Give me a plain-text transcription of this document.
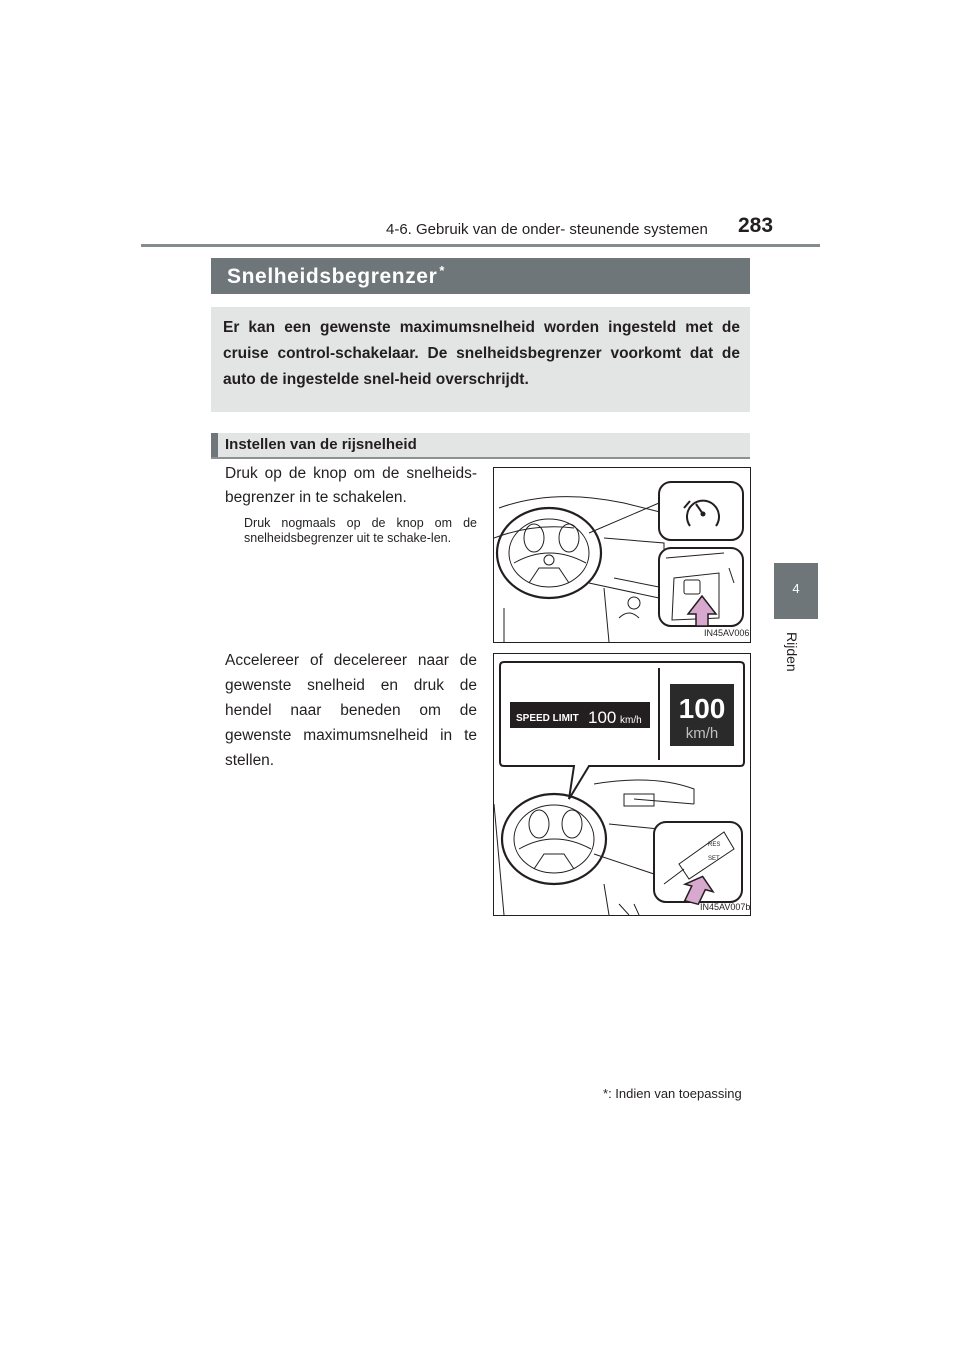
4-6. Gebruik van de onder- steunende systemen 283
4
Rijden
Snelheidsbegrenzer *
Er kan een gewenste maximumsnelheid worden ingesteld met de cruise control-schakelaar. De snelheidsbegrenzer voorkomt dat de auto de ingestelde snel-heid overschrijdt.
Instellen van de rijsnelheid
Druk op de knop om de snelheids-begrenzer in te schakelen.
Druk nogmaals op de knop om de snelheidsbegrenzer uit te schake-len.
Accelereer of decelereer naar de gewenste snelheid en druk de hendel naar beneden om de gewenste maximumsnelheid in te stellen.
IN45AV006
SPEED LIMIT 100 km/h 100
km/h
RES
SET
IN45AV007b
*: Indien van toepassing
